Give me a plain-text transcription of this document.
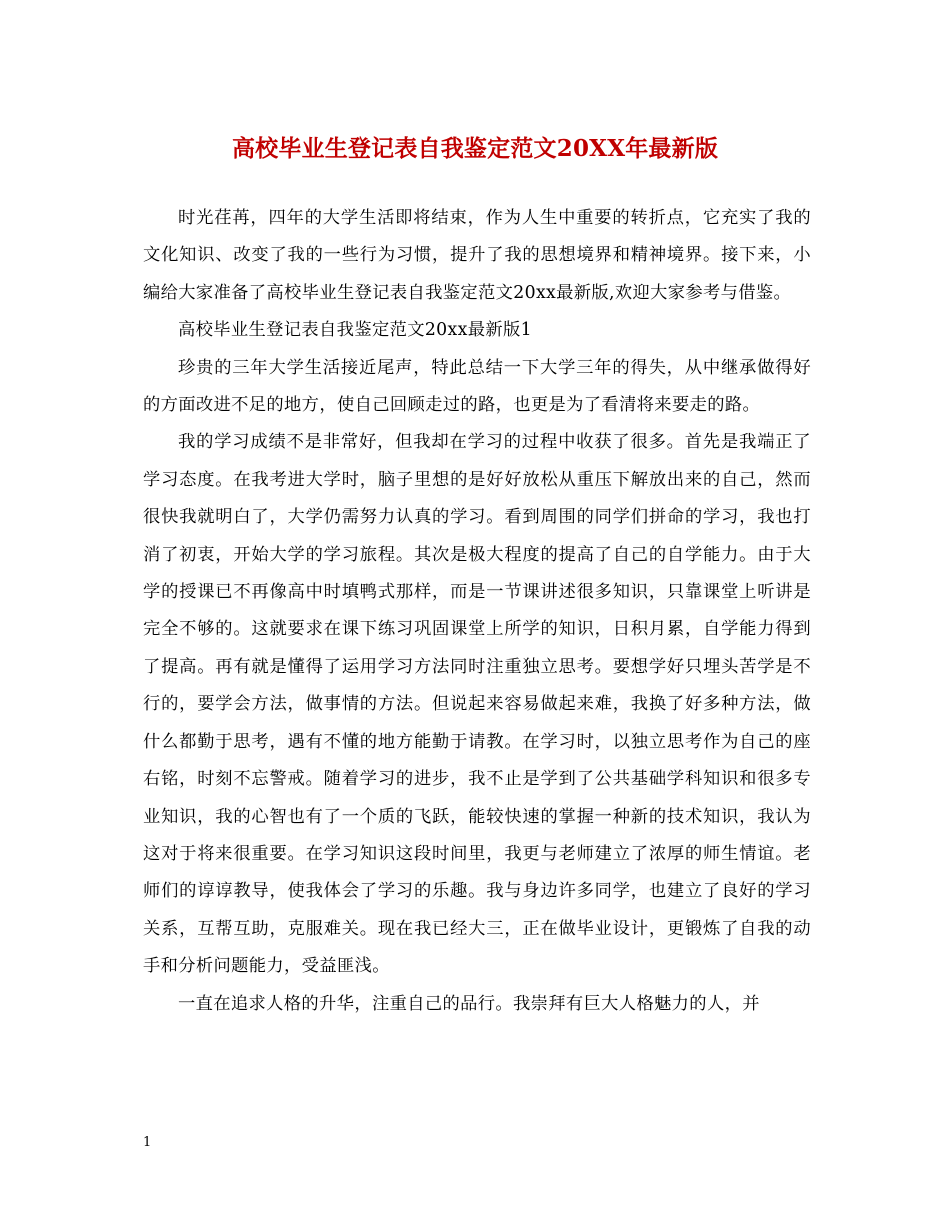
高校毕业生登记表自我鉴定范文20XX年最新版

时光荏苒，四年的大学生活即将结束，作为人生中重要的转折点，它充实了我的文化知识、改变了我的一些行为习惯，提升了我的思想境界和精神境界。接下来，小编给大家准备了高校毕业生登记表自我鉴定范文20xx最新版,欢迎大家参考与借鉴。

高校毕业生登记表自我鉴定范文20xx最新版1

珍贵的三年大学生活接近尾声，特此总结一下大学三年的得失，从中继承做得好的方面改进不足的地方，使自己回顾走过的路，也更是为了看清将来要走的路。

我的学习成绩不是非常好，但我却在学习的过程中收获了很多。首先是我端正了学习态度。在我考进大学时，脑子里想的是好好放松从重压下解放出来的自己，然而很快我就明白了，大学仍需努力认真的学习。看到周围的同学们拼命的学习，我也打消了初衷，开始大学的学习旅程。其次是极大程度的提高了自己的自学能力。由于大学的授课已不再像高中时填鸭式那样，而是一节课讲述很多知识，只靠课堂上听讲是完全不够的。这就要求在课下练习巩固课堂上所学的知识，日积月累，自学能力得到了提高。再有就是懂得了运用学习方法同时注重独立思考。要想学好只埋头苦学是不行的，要学会方法，做事情的方法。但说起来容易做起来难，我换了好多种方法，做什么都勤于思考，遇有不懂的地方能勤于请教。在学习时，以独立思考作为自己的座右铭，时刻不忘警戒。随着学习的进步，我不止是学到了公共基础学科知识和很多专业知识，我的心智也有了一个质的飞跃，能较快速的掌握一种新的技术知识，我认为这对于将来很重要。在学习知识这段时间里，我更与老师建立了浓厚的师生情谊。老师们的谆谆教导，使我体会了学习的乐趣。我与身边许多同学，也建立了良好的学习关系，互帮互助，克服难关。现在我已经大三，正在做毕业设计，更锻炼了自我的动手和分析问题能力，受益匪浅。

一直在追求人格的升华，注重自己的品行。我崇拜有巨大人格魅力的人，并

1
